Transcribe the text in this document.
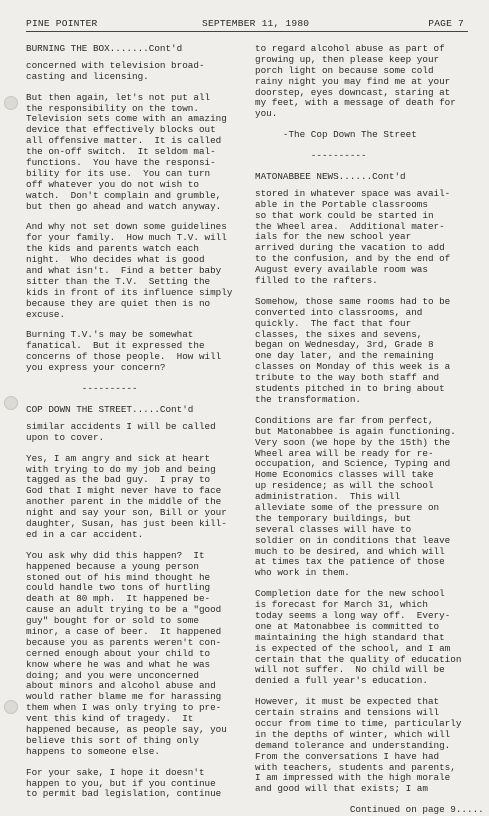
PINE POINTER	SEPTEMBER 11, 1980	PAGE 7
BURNING THE BOX.......Cont'd
concerned with television broad-
casting and licensing.
But then again, let's not put all
the responsibility on the town.
Television sets come with an amazing
device that effectively blocks out
all offensive matter.  It is called
the on-off switch.  It seldom mal-
functions.  You have the responsi-
bility for its use.  You can turn
off whatever you do not wish to
watch.  Don't complain and grumble,
but then go ahead and watch anyway.
And why not set down some guidelines
for your family.  How much T.V. will
the kids and parents watch each
night.  Who decides what is good
and what isn't.  Find a better baby
sitter than the T.V.  Setting the
kids in front of its influence simply
because they are quiet then is no
excuse.
Burning T.V.'s may be somewhat
fanatical.  But it expressed the
concerns of those people.  How will
you express your concern?
----------
COP DOWN THE STREET.....Cont'd
similar accidents I will be called
upon to cover.
Yes, I am angry and sick at heart
with trying to do my job and being
tagged as the bad guy.  I pray to
God that I might never have to face
another parent in the middle of the
night and say your son, Bill or your
daughter, Susan, has just been kill-
ed in a car accident.
You ask why did this happen?  It
happened because a young person
stoned out of his mind thought he
could handle two tons of hurtling
death at 80 mph.  It happened be-
cause an adult trying to be a "good
guy" bought for or sold to some
minor, a case of beer.  It happened
because you as parents weren't con-
cerned enough about your child to
know where he was and what he was
doing; and you were unconcerned
about minors and alcohol abuse and
would rather blame me for harassing
them when I was only trying to pre-
vent this kind of tragedy.  It
happened because, as people say, you
believe this sort of thing only
happens to someone else.
For your sake, I hope it doesn't
happen to you, but if you continue
to permit bad legislation, continue
to regard alcohol abuse as part of
growing up, then please keep your
porch light on because some cold
rainy night you may find me at your
doorstep, eyes downcast, staring at
my feet, with a message of death for
you.
-The Cop Down The Street
----------
MATONABBEE NEWS......Cont'd
stored in whatever space was avail-
able in the Portable classrooms
so that work could be started in
the Wheel area.  Additional mater-
ials for the new school year
arrived during the vacation to add
to the confusion, and by the end of
August every available room was
filled to the rafters.
Somehow, those same rooms had to be
converted into classrooms, and
quickly.  The fact that four
classes, the sixes and sevens,
began on Wednesday, 3rd, Grade 8
one day later, and the remaining
classes on Monday of this week is a
tribute to the way both staff and
students pitched in to bring about
the transformation.
Conditions are far from perfect,
but Matonabbee is again functioning.
Very soon (we hope by the 15th) the
Wheel area will be ready for re-
occupation, and Science, Typing and
Home Economics classes will take
up residence; as will the school
administration.  This will
alleviate some of the pressure on
the temporary buildings, but
several classes will have to
soldier on in conditions that leave
much to be desired, and which will
at times tax the patience of those
who work in them.
Completion date for the new school
is forecast for March 31, which
today seems a long way off.  Every-
one at Matonabbee is committed to
maintaining the high standard that
is expected of the school, and I am
certain that the quality of education
will not suffer.  No child will be
denied a full year's education.
However, it must be expected that
certain strains and tensions will
occur from time to time, particularly
in the depths of winter, which will
demand tolerance and understanding.
From the conversations I have had
with teachers, students and parents,
I am impressed with the high morale
and good will that exists; I am
Continued on page 9.....
